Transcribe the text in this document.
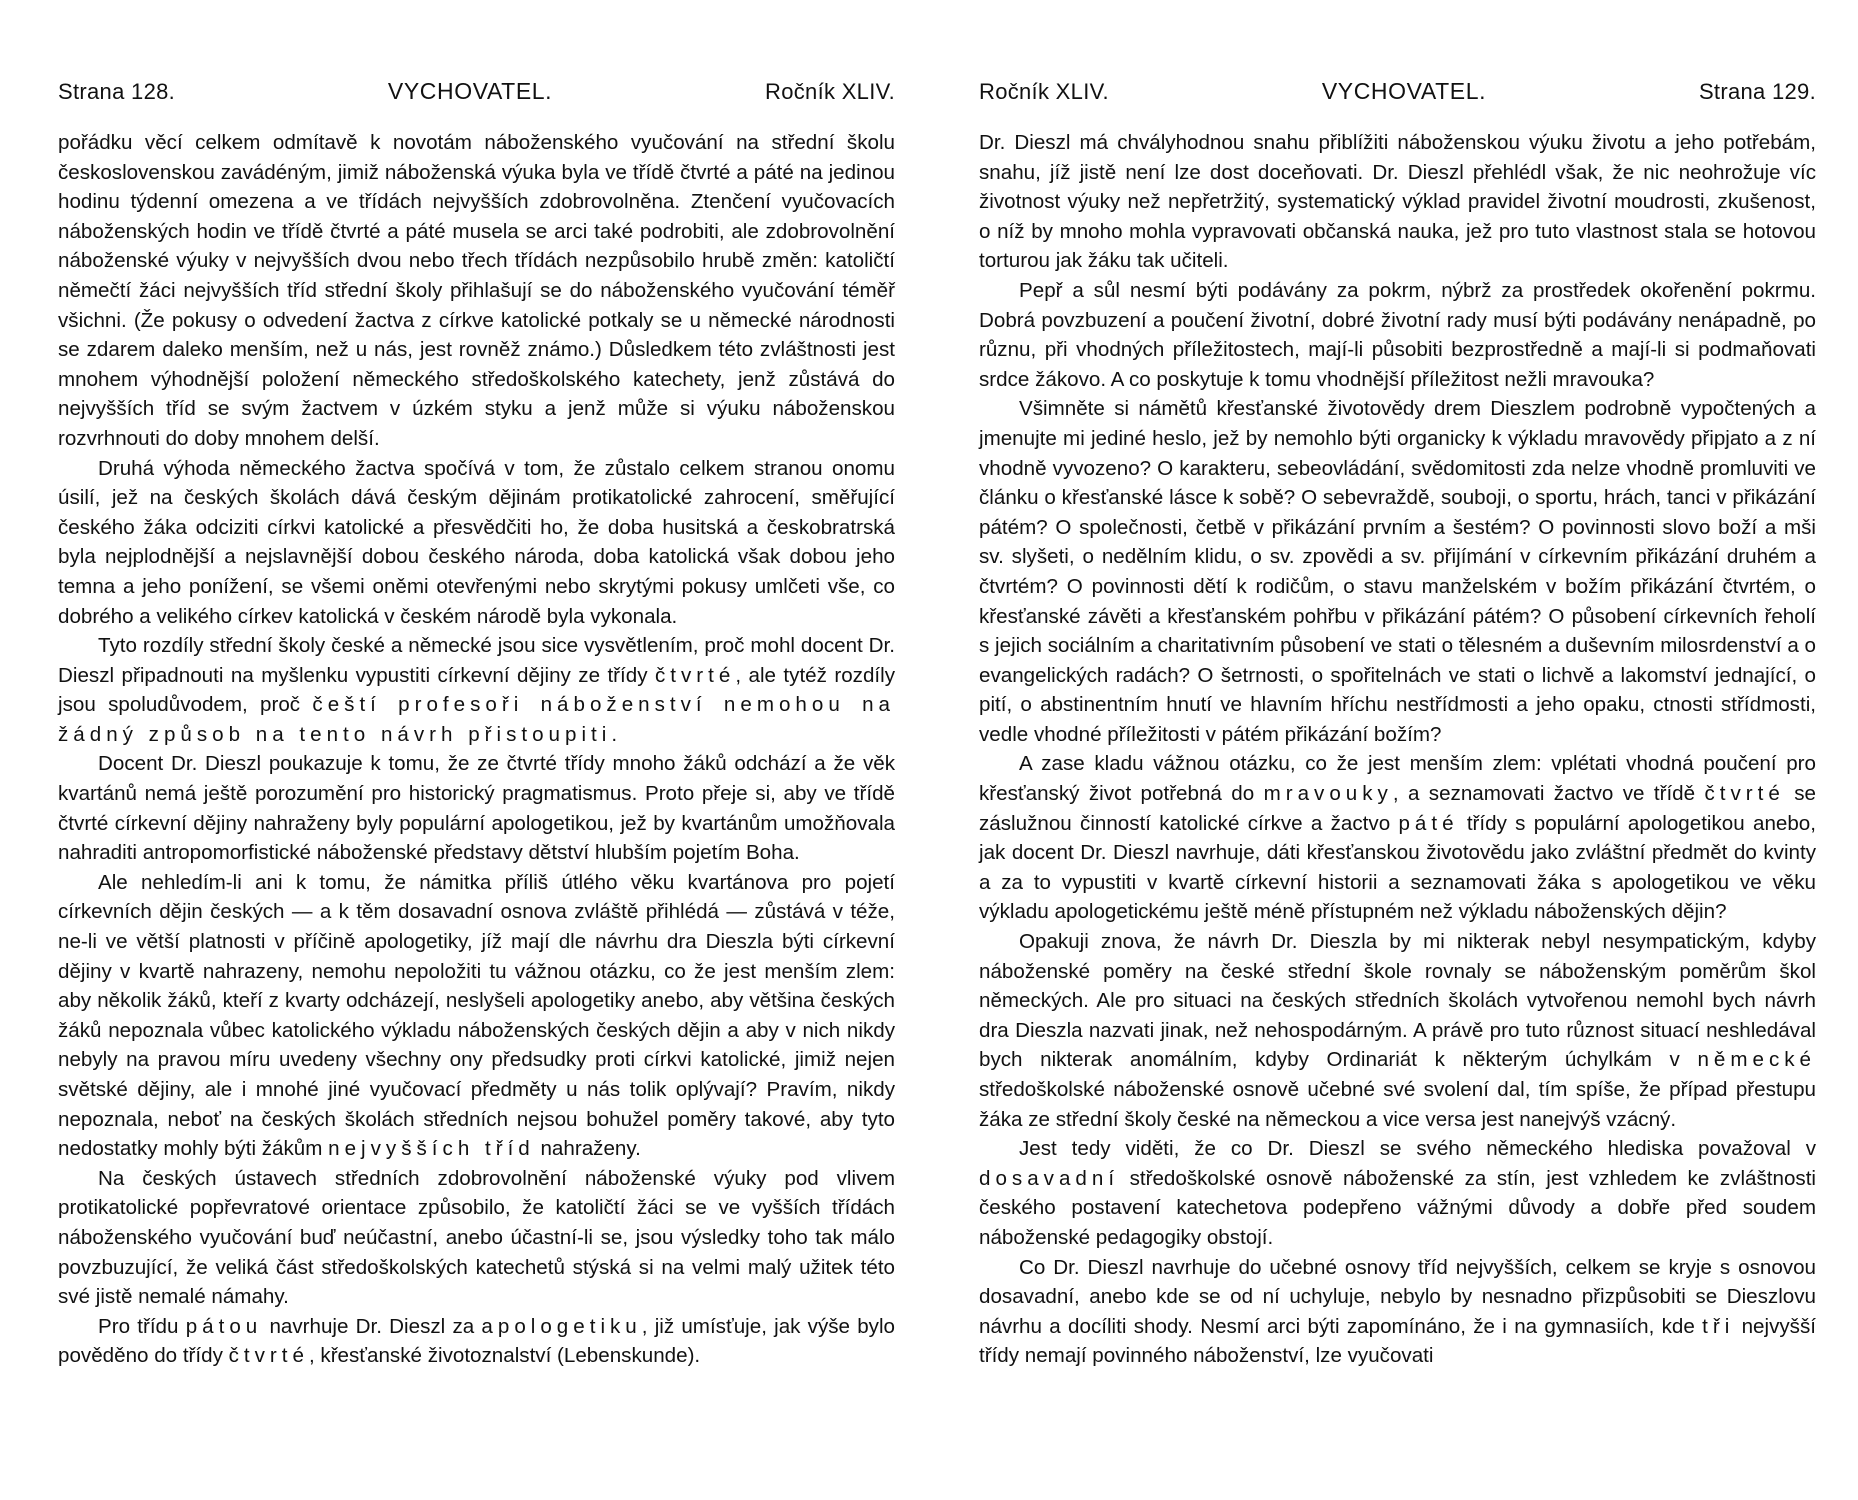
Strana 128.	VYCHOVATEL.	Ročník XLIV.

pořádku věcí celkem odmítavě k novotám náboženského vyučování na střední školu československou zavádéným, jimiž náboženská výuka byla ve třídě čtvrté a páté na jedinou hodinu týdenní omezena a ve třídách nejvyšších zdobrovolněna. Ztenčení vyučovacích náboženských hodin ve třídě čtvrté a páté musela se arci také podrobiti, ale zdobrovolnění náboženské výuky v nejvyšších dvou nebo třech třídách nezpůsobilo hrubě změn: katoličtí němečtí žáci nejvyšších tříd střední školy přihlašují se do náboženského vyučování téměř všichni. (Že pokusy o odvedení žactva z církve katolické potkaly se u německé národnosti se zdarem daleko menším, než u nás, jest rovněž známo.) Důsledkem této zvláštnosti jest mnohem výhodnější položení německého středoškolského katechety, jenž zůstává do nejvyšších tříd se svým žactvem v úzkém styku a jenž může si výuku náboženskou rozvrhnouti do doby mnohem delší.

Druhá výhoda německého žactva spočívá v tom, že zůstalo celkem stranou onomu úsilí, jež na českých školách dává českým dějinám protikatolické zahrocení, směřující českého žáka odciziti církvi katolické a přesvědčiti ho, že doba husitská a českobratrská byla nejplodnější a nejslavnější dobou českého národa, doba katolická však dobou jeho temna a jeho ponížení, se všemi oněmi otevřenými nebo skrytými pokusy umlčeti vše, co dobrého a velikého církev katolická v českém národě byla vykonala.

Tyto rozdíly střední školy české a německé jsou sice vysvětlením, proč mohl docent Dr. Dieszl připadnouti na myšlenku vypustiti církevní dějiny ze třídy čtvrté, ale tytéž rozdíly jsou spoludůvodem, proč čeští profesoři náboženství nemohou na žádný způsob na tento návrh přistoupiti.

Docent Dr. Dieszl poukazuje k tomu, že ze čtvrté třídy mnoho žáků odchází a že věk kvartánů nemá ještě porozumění pro historický pragmatismus. Proto přeje si, aby ve třídě čtvrté církevní dějiny nahraženy byly populární apologetikou, jež by kvartánům umožňovala nahraditi antropomorfistické náboženské představy dětství hlubším pojetím Boha.

Ale nehledím-li ani k tomu, že námitka příliš útlého věku kvartánova pro pojetí církevních dějin českých — a k těm dosavadní osnova zvláště přihlédá — zůstává v téže, ne-li ve větší platnosti v příčině apologetiky, jíž mají dle návrhu dra Dieszla býti církevní dějiny v kvartě nahrazeny, nemohu nepoložiti tu vážnou otázku, co že jest menším zlem: aby několik žáků, kteří z kvarty odcházejí, neslyšeli apologetiky anebo, aby většina českých žáků nepoznala vůbec katolického výkladu náboženských českých dějin a aby v nich nikdy nebyly na pravou míru uvedeny všechny ony předsudky proti církvi katolické, jimiž nejen světské dějiny, ale i mnohé jiné vyučovací předměty u nás tolik oplývají? Pravím, nikdy nepoznala, neboť na českých školách středních nejsou bohužel poměry takové, aby tyto nedostatky mohly býti žákům nejvyšších tříd nahraženy.

Na českých ústavech středních zdobrovolnění náboženské výuky pod vlivem protikatolické popřevratové orientace způsobilo, že katoličtí žáci se ve vyšších třídách náboženského vyučování buď neúčastní, anebo účastní-li se, jsou výsledky toho tak málo povzbuzující, že veliká část středoškolských katechetů stýská si na velmi malý užitek této své jistě nemalé námahy.

Pro třídu pátou navrhuje Dr. Dieszl za apologetiku, již umísťuje, jak výše bylo pověděno do třídy čtvrté, křesťanské životoznalství (Lebenskunde).

Ročník XLIV.	VYCHOVATEL.	Strana 129.

Dr. Dieszl má chvályhodnou snahu přiblížiti náboženskou výuku životu a jeho potřebám, snahu, jíž jistě není lze dost doceňovati. Dr. Dieszl přehlédl však, že nic neohrožuje víc životnost výuky než nepřetržitý, systematický výklad pravidel životní moudrosti, zkušenost, o níž by mnoho mohla vypravovati občanská nauka, jež pro tuto vlastnost stala se hotovou torturou jak žáku tak učiteli.

Pepř a sůl nesmí býti podávány za pokrm, nýbrž za prostředek okořenění pokrmu. Dobrá povzbuzení a poučení životní, dobré životní rady musí býti podávány nenápadně, po různu, při vhodných příležitostech, mají-li působiti bezprostředně a mají-li si podmaňovati srdce žákovo. A co poskytuje k tomu vhodnější příležitost nežli mravouka?

Všimněte si námětů křesťanské životovědy drem Dieszlem podrobně vypočtených a jmenujte mi jediné heslo, jež by nemohlo býti organicky k výkladu mravovědy připjato a z ní vhodně vyvozeno? O karakteru, sebeovládání, svědomitosti zda nelze vhodně promluviti ve článku o křesťanské lásce k sobě? O sebevraždě, souboji, o sportu, hrách, tanci v přikázání pátém? O společnosti, četbě v přikázání prvním a šestém? O povinnosti slovo boží a mši sv. slyšeti, o nedělním klidu, o sv. zpovědi a sv. přijímání v církevním přikázání druhém a čtvrtém? O povinnosti dětí k rodičům, o stavu manželském v božím přikázání čtvrtém, o křesťanské závěti a křesťanském pohřbu v přikázání pátém? O působení církevních řeholí s jejich sociálním a charitativním působení ve stati o tělesném a duševním milosrdenství a o evangelických radách? O šetrnosti, o spořitelnách ve stati o lichvě a lakomství jednající, o pití, o abstinentním hnutí ve hlavním hříchu nestřídmosti a jeho opaku, ctnosti střídmosti, vedle vhodné příležitosti v pátém přikázání božím?

A zase kladu vážnou otázku, co že jest menším zlem: vplétati vhodná poučení pro křesťanský život potřebná do mravouky, a seznamovati žactvo ve třídě čtvrté se záslužnou činností katolické církve a žactvo páté třídy s populární apologetikou anebo, jak docent Dr. Dieszl navrhuje, dáti křesťanskou životovědu jako zvláštní předmět do kvinty a za to vypustiti v kvartě církevní historii a seznamovati žáka s apologetikou ve věku výkladu apologetickému ještě méně přístupném než výkladu náboženských dějin?

Opakuji znova, že návrh Dr. Dieszla by mi nikterak nebyl nesympatickým, kdyby náboženské poměry na české střední škole rovnaly se náboženským poměrům škol německých. Ale pro situaci na českých středních školách vytvořenou nemohl bych návrh dra Dieszla nazvati jinak, než nehospodárným. A právě pro tuto různost situací neshledával bych nikterak anomálním, kdyby Ordinariát k některým úchylkám v německé středoškolské náboženské osnově učebné své svolení dal, tím spíše, že případ přestupu žáka ze střední školy české na německou a vice versa jest nanejvýš vzácný.

Jest tedy viděti, že co Dr. Dieszl se svého německého hlediska považoval v dosavadní středoškolské osnově náboženské za stín, jest vzhledem ke zvláštnosti českého postavení katechetova podepřeno vážnými důvody a dobře před soudem náboženské pedagogiky obstojí.

Co Dr. Dieszl navrhuje do učebné osnovy tříd nejvyšších, celkem se kryje s osnovou dosavadní, anebo kde se od ní uchyluje, nebylo by nesnadno přizpůsobiti se Dieszlovu návrhu a docíliti shody. Nesmí arci býti zapomínáno, že i na gymnasiích, kde tři nejvyšší třídy nemají povinného náboženství, lze vyučovati
